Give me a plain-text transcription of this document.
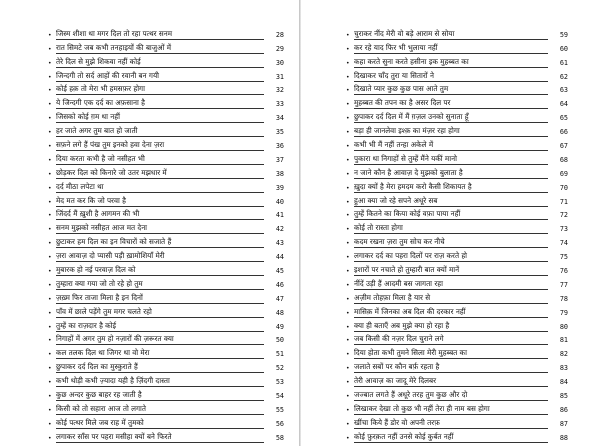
• जिस्म शीशा था मगर दिल तो रहा पत्थर सनम	28
• रात सिमटे जब कभी तनहाइयों की बाजुओं में	29
• तेरे दिल से मुझे शिकवा नहीं कोई	30
• जिन्दगी तो सर्द आहों की रवानी बन गयी	31
• कोई हक़ तो मेरा भी हमसफ़र होगा	32
• ये जिन्दगी एक दर्द का अफ़साना है	33
• जिसको कोई ग़म था नहीं	34
• हर जाते अगर तुम बात हो जाती	35
• सफ़ने लगे हैं पंख तुम इनको हवा देना ज़रा	36
• दिया करता कभी है जो नसीहत भी	37
• छोड़कर दिल को किनारे जो उतर मझधार में	38
• दर्द मीठा लपेटा था	39
• मेद मत कर कि जो परवा है	40
• जिंदर्द मैं ख़ुशी है आगमन की भी	41
• सनम मुझको नसीहत आज मत देना	42
• छुटाकर हम दिल का इन विचारों को सजाते हैं	43
• ज़रा आवाज़ दो प्यासी पड़ी ख़ामोशियाँ मेरी	44
• मुबारक हो नई परवाज़ दिल को	45
• तुम्हारा क्या गया जो तो रहे हो तुम	46
• ज़ख़्म फिर ताजा मिला है इन दिनों	47
• पाँव में छाले पड़ेंगे तुम मगर चलते रहो	48
• तुम्हें का राज़दार है कोई	49
• निगाहों में अगर तुम हो नज़ारों की ज़रूरत क्या	50
• कल तलक दिल था जिगर था वो मेरा	51
• छुपाकर दर्द दिल का मुस्कुराते हैं	52
• कभी थोड़ी कभी ज़्यादा यही है ज़िंदगी दास्ता	53
• कुछ अन्दर कुछ बाहर रह जाती है	54
• किसी को तो सहारा आज तो लगाते	55
• कोई पत्थर मिले जब राह में तुमको	56
• लगाकर साँस पर पहरा मसीहा क्यों बने फिरते	58
• चुराकर नींद मेरी वो बड़े आराम से सोया	59
• कर रहे याद फिर भी भुलाया नहीं	60
• कहा करते सुना करते हसीना इक मुहब्बत का	61
• दिखाकर चाँद तुरा या सितारों ने	62
• दिखाते प्यार कुछ कुछ पास आते तुम	63
• मुहब्बत की तपन का है असर दिल पर	64
• छुपाकर दर्द दिल में मैं ग़ज़ल उनको सुनाता हूँ	65
• बड़ा ही जानलेवा इश्क़ का मंज़र रहा होगा	66
• कभी भी मैं नहीं तन्हा अकेले में	67
• पुकारा था निगाहों से तुम्हें मैंने यकीं मानो	68
• न जाने कौन है आवाज़ दे मुझको बुलाता है	69
• ख़ुदा क्यों है मेरा हमदम करो कैसी शिकायत है	70
• हुआ क्या जो रहे सपने अधूरे सब	71
• तुम्हें कितने का किया कोई वफ़ा पाया नहीं	72
• कोई तो रास्ता होगा	73
• कदम रखना ज़रा तुम सोच कर नीचे	74
• लगाकर दर्द का पहरा दिलों पर राज़ करते हो	75
• इशारों पर नचाते हो तुम्हारी बात क्यों मानें	76
• नींदें उड़ी हैं आदमी बस जागता रहा	77
• अज़ीम तोहफ़ा मिला है यार से	78
• मासिक़ में जिनका अब दिल की दरकार नहीं	79
• क्या ही बताएँ अब मुझे क्या हो रहा है	80
• जब किसी की नज़र दिल चुराने लगे	81
• दिया होता कभी तुमने सिला मेरी मुहब्बत का	82
• जलाते सबों पर कौन बर्फ़ रहता है	83
• तेरी आवाज़ का जादू मेरे दिलबर	84
• जज्बात लगते हैं अधूरे तरह तुम कुछ और दो	85
• लिखाकर देखा तो कुछ भी नहीं तेरा ही नाम बस होगा	86
• खींचा किये हैं डोर वो अपनी तरफ़	87
• कोई फ़ुरक़त नहीं उनसे कोई कुर्बत नहीं	88
